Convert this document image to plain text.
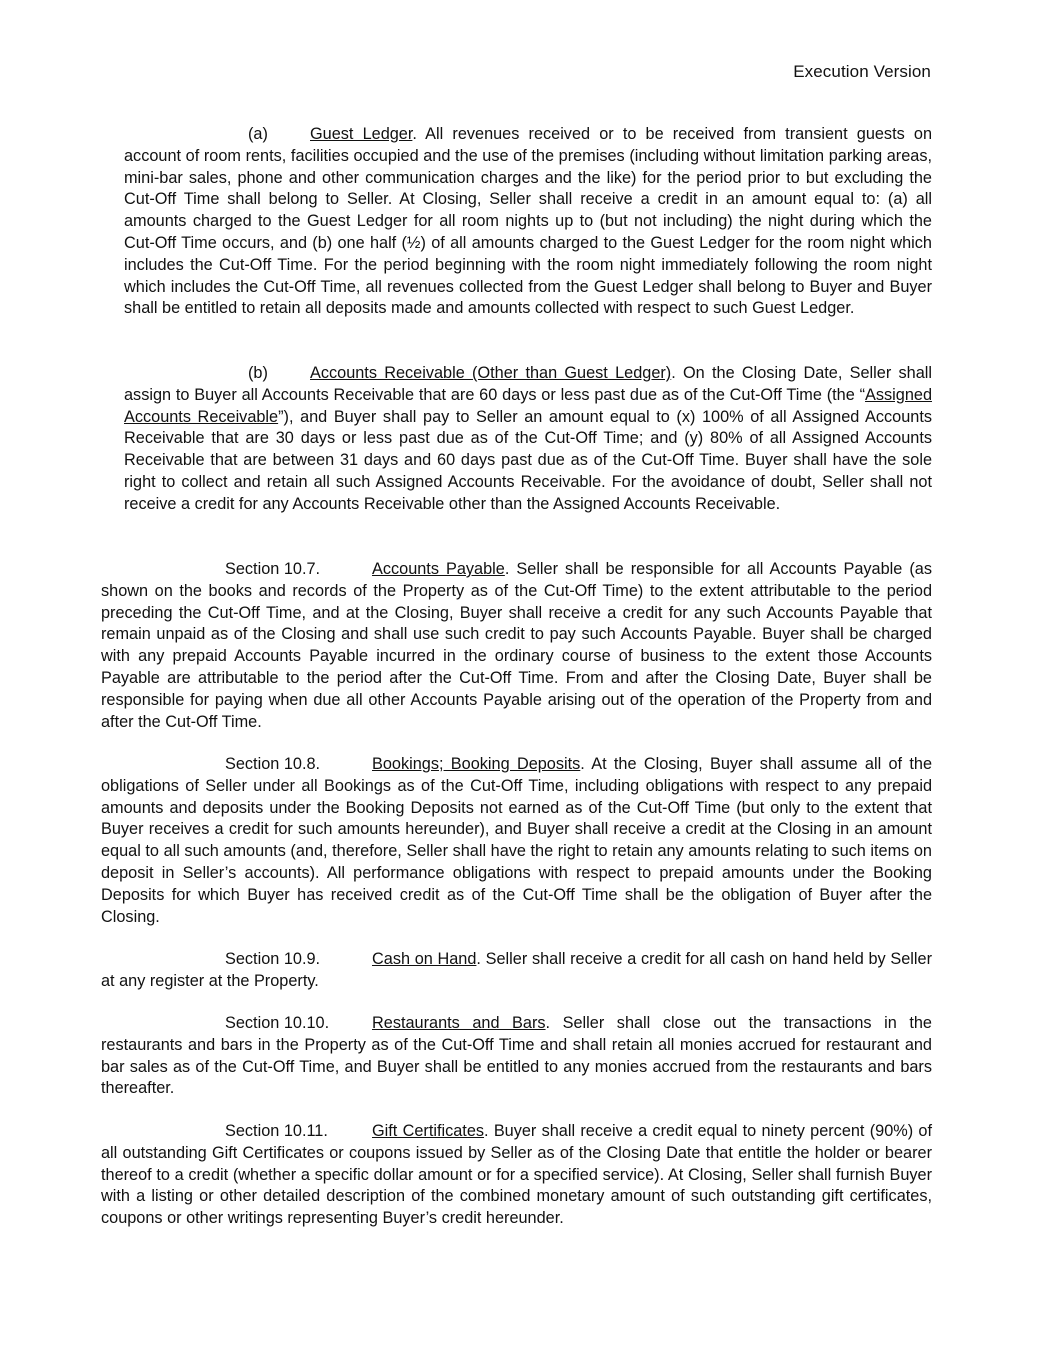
Execution Version

(a)	Guest Ledger. All revenues received or to be received from transient guests on account of room rents, facilities occupied and the use of the premises (including without limitation parking areas, mini-bar sales, phone and other communication charges and the like) for the period prior to but excluding the Cut-Off Time shall belong to Seller. At Closing, Seller shall receive a credit in an amount equal to: (a) all amounts charged to the Guest Ledger for all room nights up to (but not including) the night during which the Cut-Off Time occurs, and (b) one half (½) of all amounts charged to the Guest Ledger for the room night which includes the Cut-Off Time. For the period beginning with the room night immediately following the room night which includes the Cut-Off Time, all revenues collected from the Guest Ledger shall belong to Buyer and Buyer shall be entitled to retain all deposits made and amounts collected with respect to such Guest Ledger.

(b)	Accounts Receivable (Other than Guest Ledger). On the Closing Date, Seller shall assign to Buyer all Accounts Receivable that are 60 days or less past due as of the Cut-Off Time (the “Assigned Accounts Receivable”), and Buyer shall pay to Seller an amount equal to (x) 100% of all Assigned Accounts Receivable that are 30 days or less past due as of the Cut-Off Time; and (y) 80% of all Assigned Accounts Receivable that are between 31 days and 60 days past due as of the Cut-Off Time. Buyer shall have the sole right to collect and retain all such Assigned Accounts Receivable. For the avoidance of doubt, Seller shall not receive a credit for any Accounts Receivable other than the Assigned Accounts Receivable.

Section 10.7.	Accounts Payable. Seller shall be responsible for all Accounts Payable (as shown on the books and records of the Property as of the Cut-Off Time) to the extent attributable to the period preceding the Cut-Off Time, and at the Closing, Buyer shall receive a credit for any such Accounts Payable that remain unpaid as of the Closing and shall use such credit to pay such Accounts Payable. Buyer shall be charged with any prepaid Accounts Payable incurred in the ordinary course of business to the extent those Accounts Payable are attributable to the period after the Cut-Off Time. From and after the Closing Date, Buyer shall be responsible for paying when due all other Accounts Payable arising out of the operation of the Property from and after the Cut-Off Time.

Section 10.8.	Bookings; Booking Deposits. At the Closing, Buyer shall assume all of the obligations of Seller under all Bookings as of the Cut-Off Time, including obligations with respect to any prepaid amounts and deposits under the Booking Deposits not earned as of the Cut-Off Time (but only to the extent that Buyer receives a credit for such amounts hereunder), and Buyer shall receive a credit at the Closing in an amount equal to all such amounts (and, therefore, Seller shall have the right to retain any amounts relating to such items on deposit in Seller’s accounts). All performance obligations with respect to prepaid amounts under the Booking Deposits for which Buyer has received credit as of the Cut-Off Time shall be the obligation of Buyer after the Closing.

Section 10.9.	Cash on Hand. Seller shall receive a credit for all cash on hand held by Seller at any register at the Property.

Section 10.10.	Restaurants and Bars. Seller shall close out the transactions in the restaurants and bars in the Property as of the Cut-Off Time and shall retain all monies accrued for restaurant and bar sales as of the Cut-Off Time, and Buyer shall be entitled to any monies accrued from the restaurants and bars thereafter.

Section 10.11.	Gift Certificates. Buyer shall receive a credit equal to ninety percent (90%) of all outstanding Gift Certificates or coupons issued by Seller as of the Closing Date that entitle the holder or bearer thereof to a credit (whether a specific dollar amount or for a specified service). At Closing, Seller shall furnish Buyer with a listing or other detailed description of the combined monetary amount of such outstanding gift certificates, coupons or other writings representing Buyer’s credit hereunder.
